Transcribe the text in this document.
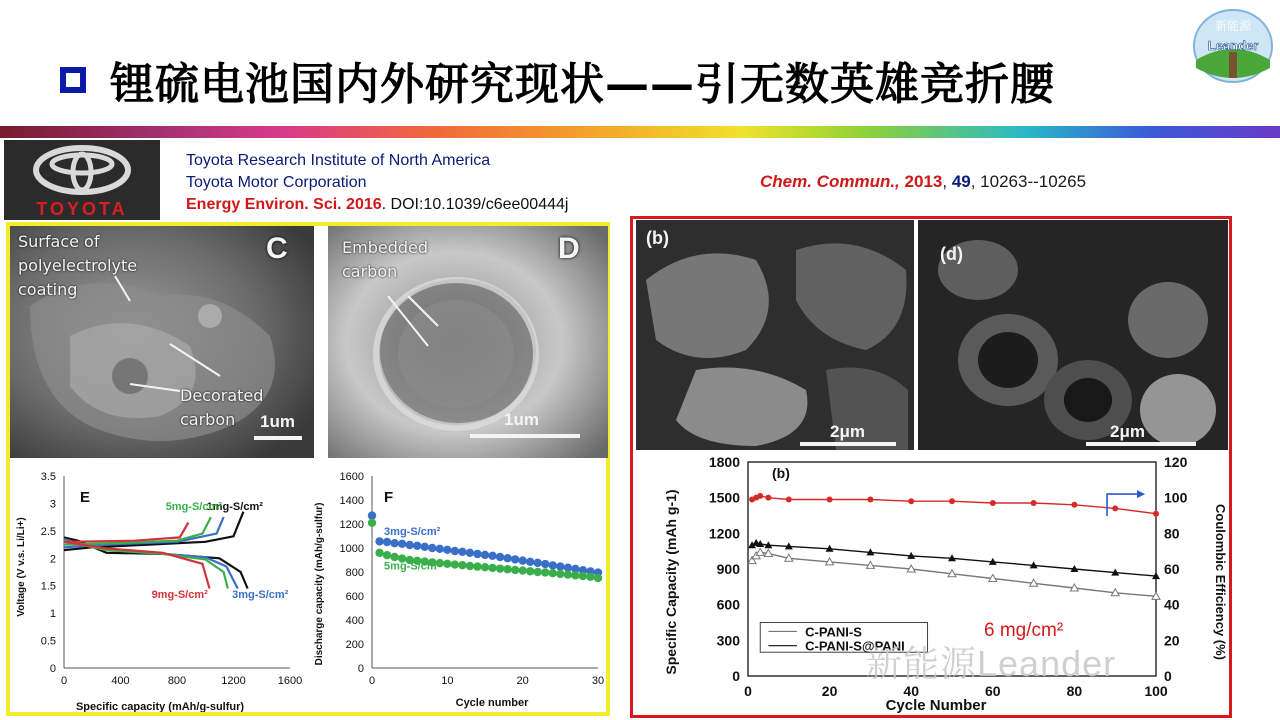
锂硫电池国内外研究现状——引无数英雄竞折腰
新能源
Leander
TOYOTA
Toyota Research Institute of North America
Toyota Motor Corporation
Energy Environ. Sci. 2016. DOI:10.1039/c6ee00444j
Chem. Commun., 2013, 49, 10263--10265
Surface of
polyelectrolyte
coating
Decorated
carbon
C
1um
Embedded
carbon
D
1um
E
Specific capacity (mAh/g-sulfur)
Voltage (V v.s. Li/Li+)
0	400	800	1200	1600
0
0.5
1
1.5
2
2.5
3
3.5
1mg-S/cm²
3mg-S/cm²
5mg-S/cm²
9mg-S/cm²
F
Cycle number
Discharge capacity (mAh/g-sulfur)
0	10	20	30
0
200
400
600
800
1000
1200
1400
1600
3mg-S/cm²
5mg-S/cm²
(b)
2μm
(d)
2μm
Cycle Number
Specific Capacity (mAh g-1)	Coulombic Efficiency (%)
(b)
6 mg/cm²
0	20	40	60	80	100
0
300
600
900
1200
1500
1800
0
20
40
60
80
100
120
C-PANI-S
C-PANI-S@PANI
新能源Leander
